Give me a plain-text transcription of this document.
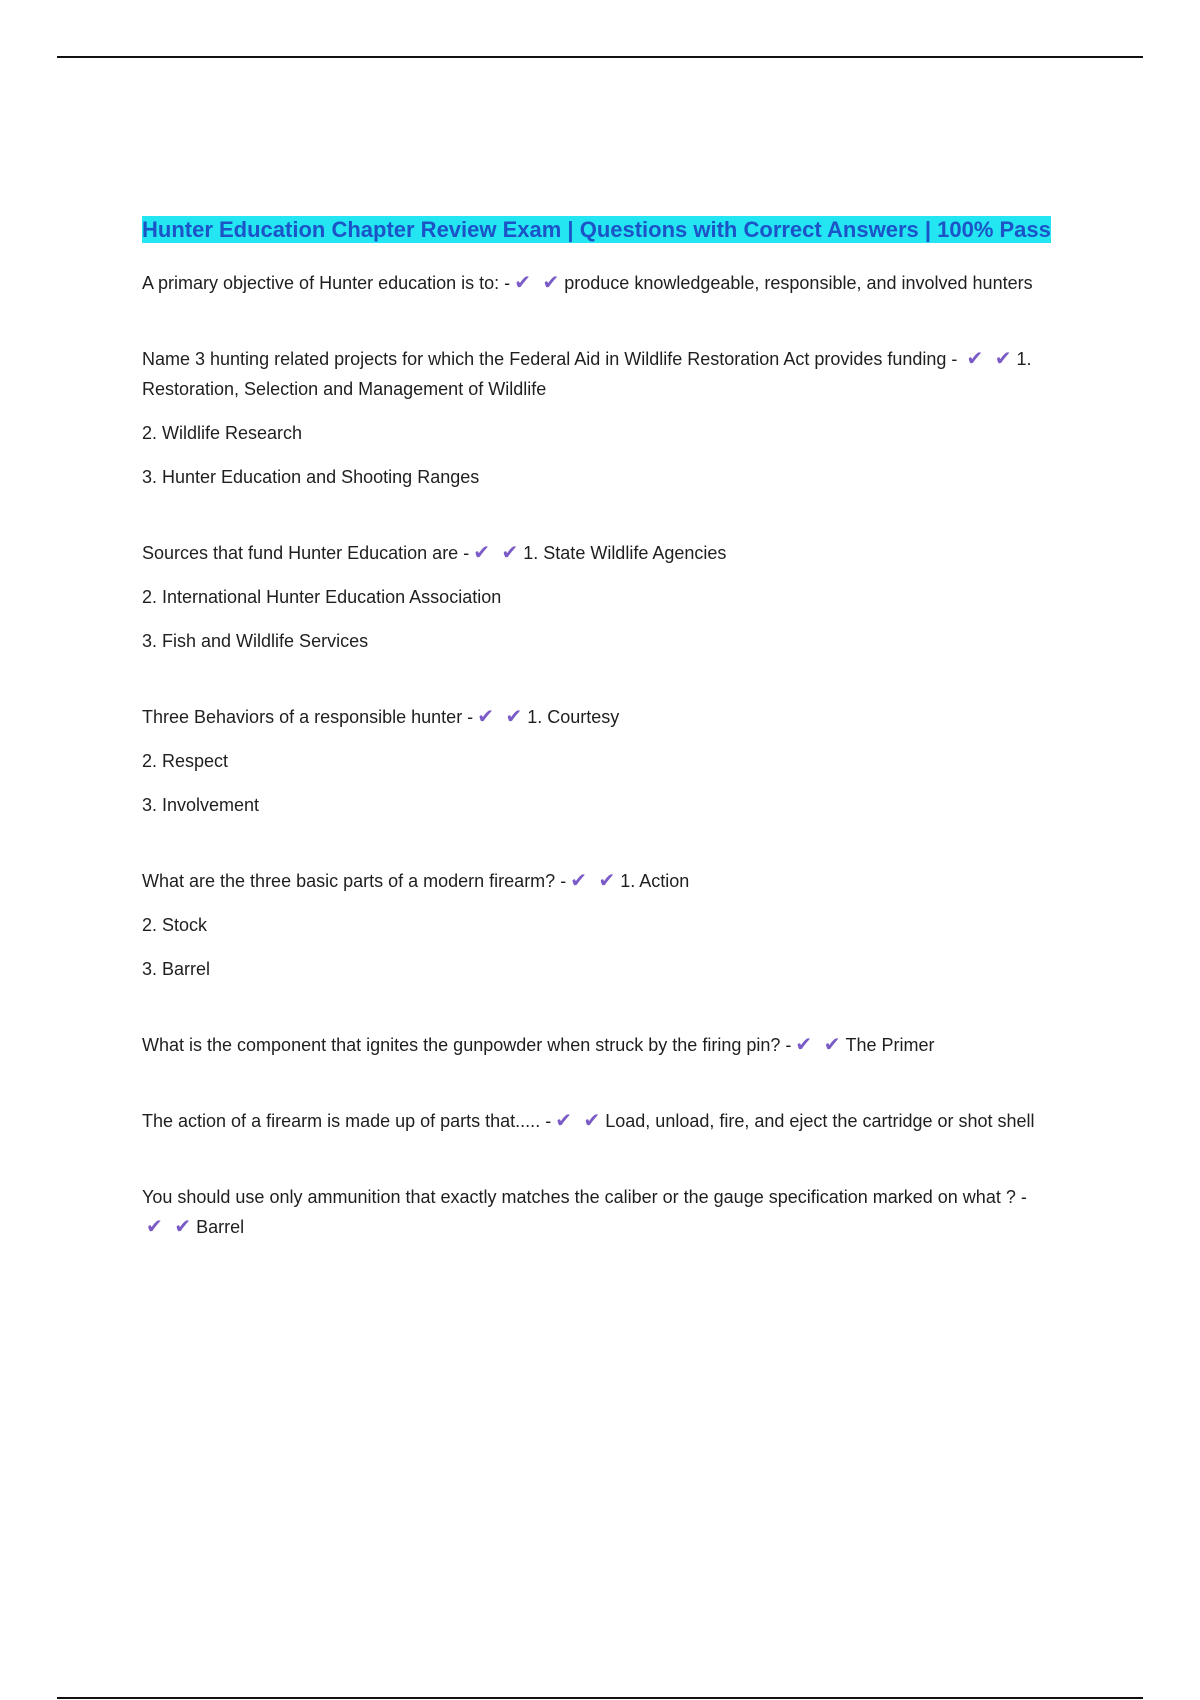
Hunter Education Chapter Review Exam | Questions with Correct Answers | 100% Pass

A primary objective of Hunter education is to: - ✔ ✔ produce knowledgeable, responsible, and involved hunters

Name 3 hunting related projects for which the Federal Aid in Wildlife Restoration Act provides funding - ✔ ✔ 1. Restoration, Selection and Management of Wildlife

2. Wildlife Research

3. Hunter Education and Shooting Ranges

Sources that fund Hunter Education are - ✔ ✔ 1. State Wildlife Agencies

2. International Hunter Education Association

3. Fish and Wildlife Services

Three Behaviors of a responsible hunter - ✔ ✔ 1. Courtesy

2. Respect

3. Involvement

What are the three basic parts of a modern firearm? - ✔ ✔ 1. Action

2. Stock

3. Barrel

What is the component that ignites the gunpowder when struck by the firing pin? - ✔ ✔ The Primer

The action of a firearm is made up of parts that..... - ✔ ✔ Load, unload, fire, and eject the cartridge or shot shell

You should use only ammunition that exactly matches the caliber or the gauge specification marked on what ? -✔ ✔ Barrel
